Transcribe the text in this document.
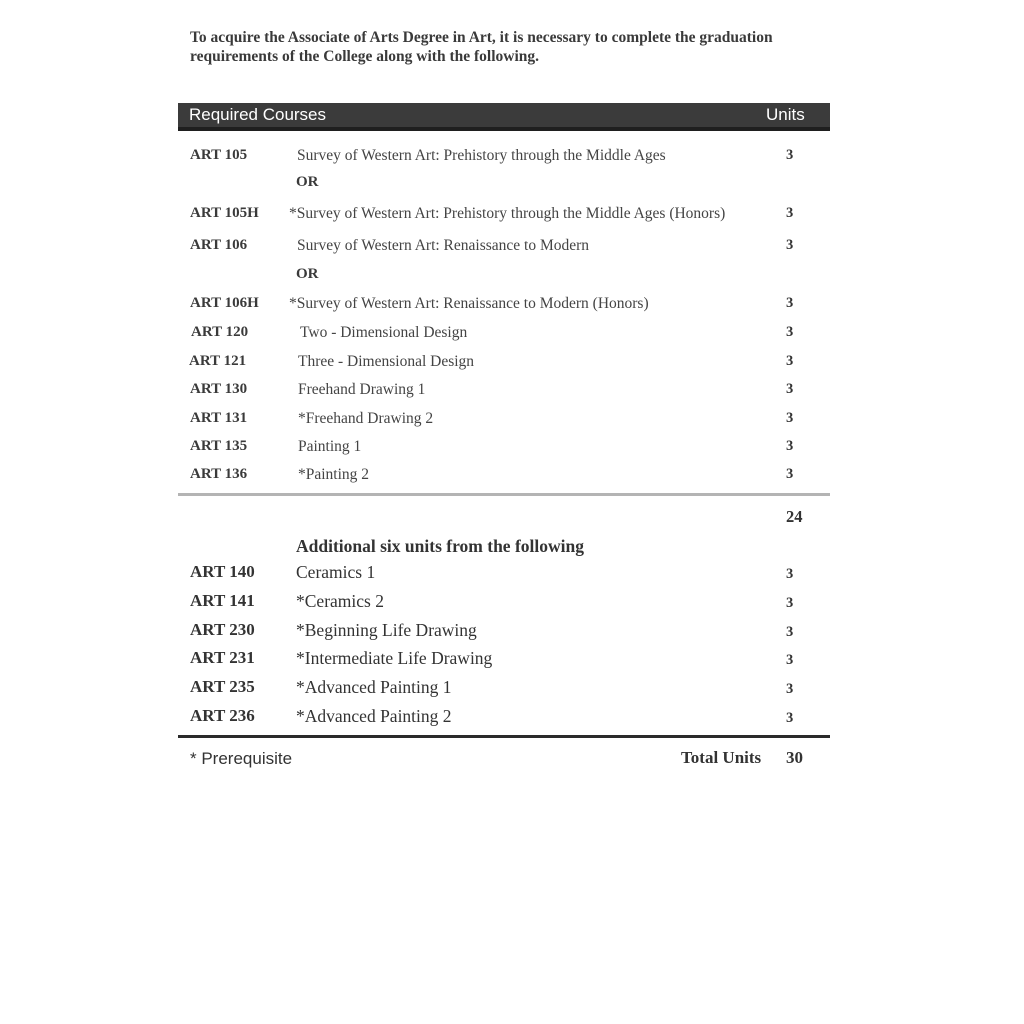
To acquire the Associate of Arts Degree in Art, it is necessary to complete the graduation requirements of the College along with the following.
Required Courses	Units
ART 105	Survey of Western Art: Prehistory through the Middle Ages	3
OR
ART 105H *Survey of Western Art: Prehistory through the Middle Ages (Honors)	3
ART 106	Survey of Western Art: Renaissance to Modern	3
OR
ART 106H *Survey of Western Art: Renaissance to Modern (Honors)	3
ART 120	Two - Dimensional Design	3
ART 121	Three - Dimensional Design	3
ART 130	Freehand Drawing 1	3
ART 131	*Freehand Drawing 2	3
ART 135	Painting 1	3
ART 136	*Painting 2	3
24
Additional six units from the following
ART 140 Ceramics 1	3
ART 141 *Ceramics 2	3
ART 230 *Beginning Life Drawing	3
ART 231 *Intermediate Life Drawing	3
ART 235 *Advanced Painting 1	3
ART 236 *Advanced Painting 2	3
* Prerequisite	Total Units 30
